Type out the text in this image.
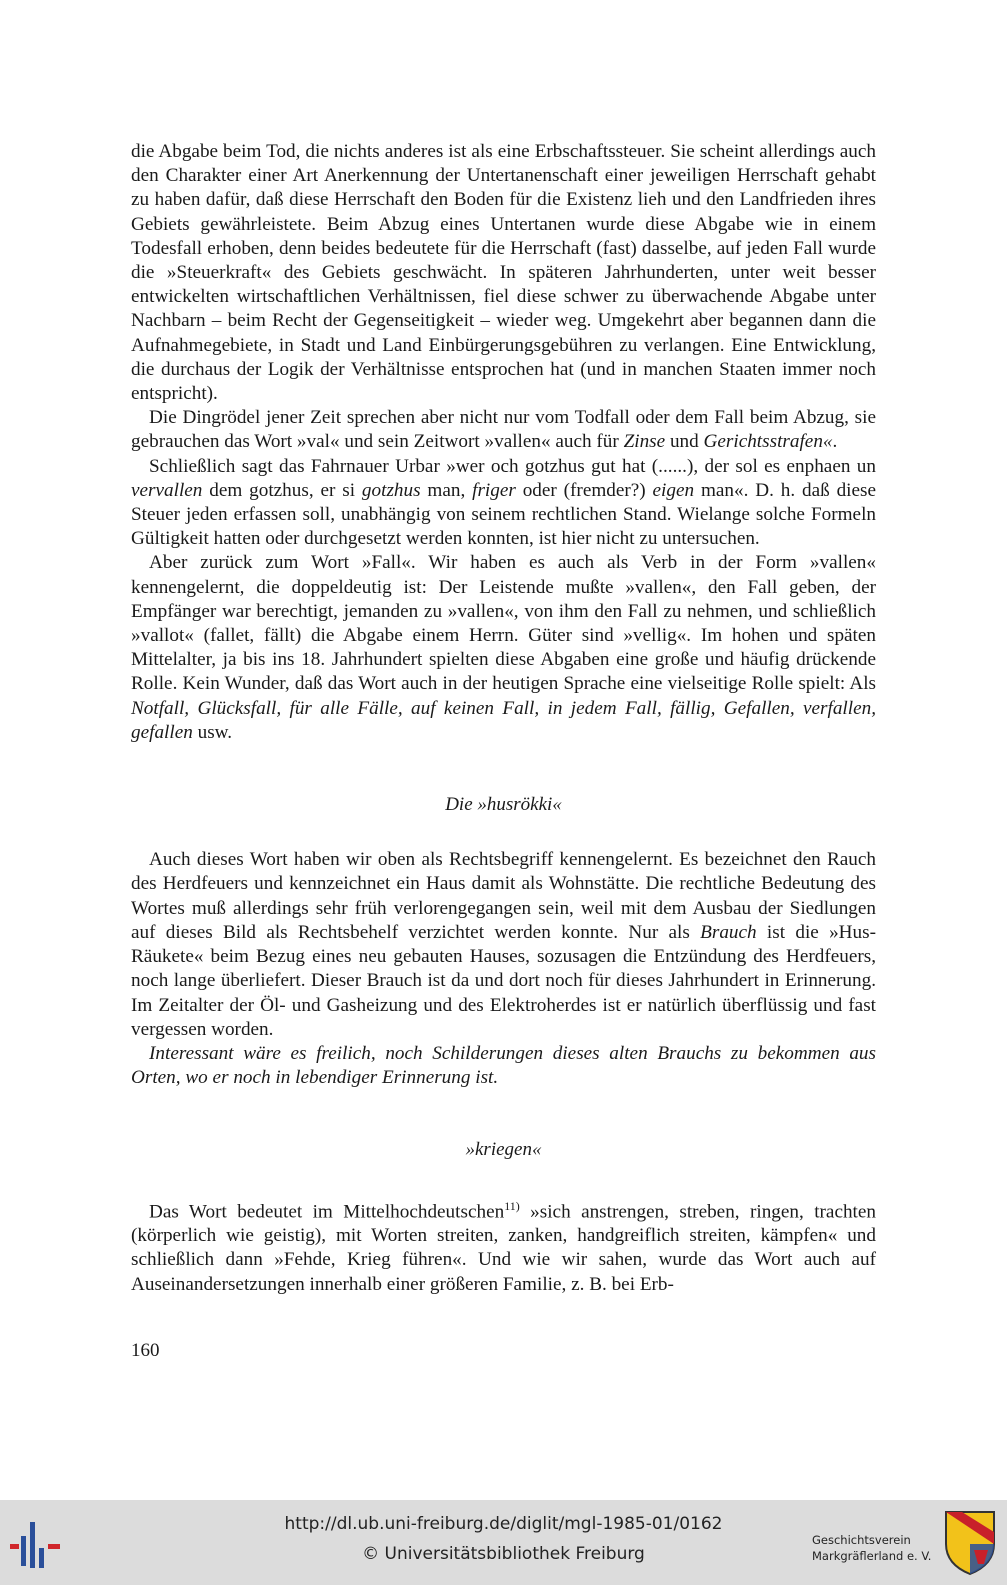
die Abgabe beim Tod, die nichts anderes ist als eine Erbschaftssteuer. Sie scheint allerdings auch den Charakter einer Art Anerkennung der Untertanenschaft einer jeweiligen Herrschaft gehabt zu haben dafür, daß diese Herrschaft den Boden für die Existenz lieh und den Landfrieden ihres Gebiets gewährleistete. Beim Abzug eines Untertanen wurde diese Abgabe wie in einem Todesfall erhoben, denn beides bedeutete für die Herrschaft (fast) dasselbe, auf jeden Fall wurde die »Steuerkraft« des Gebiets geschwächt. In späteren Jahrhunderten, unter weit besser entwickelten wirtschaftlichen Verhältnissen, fiel diese schwer zu überwachende Abgabe unter Nachbarn – beim Recht der Gegenseitigkeit – wieder weg. Umgekehrt aber begannen dann die Aufnahmegebiete, in Stadt und Land Einbürgerungsgebühren zu verlangen. Eine Entwicklung, die durchaus der Logik der Verhältnisse entsprochen hat (und in manchen Staaten immer noch entspricht).

Die Dingrödel jener Zeit sprechen aber nicht nur vom Todfall oder dem Fall beim Abzug, sie gebrauchen das Wort »val« und sein Zeitwort »vallen« auch für Zinse und Gerichtsstrafen«.

Schließlich sagt das Fahrnauer Urbar »wer och gotzhus gut hat (......), der sol es enphaen un vervallen dem gotzhus, er si gotzhus man, friger oder (fremder?) eigen man«. D. h. daß diese Steuer jeden erfassen soll, unabhängig von seinem rechtlichen Stand. Wielange solche Formeln Gültigkeit hatten oder durchgesetzt werden konnten, ist hier nicht zu untersuchen.

Aber zurück zum Wort »Fall«. Wir haben es auch als Verb in der Form »vallen« kennengelernt, die doppeldeutig ist: Der Leistende mußte »vallen«, den Fall geben, der Empfänger war berechtigt, jemanden zu »vallen«, von ihm den Fall zu nehmen, und schließlich »vallot« (fallet, fällt) die Abgabe einem Herrn. Güter sind »vellig«. Im hohen und späten Mittelalter, ja bis ins 18. Jahrhundert spielten diese Abgaben eine große und häufig drückende Rolle. Kein Wunder, daß das Wort auch in der heutigen Sprache eine vielseitige Rolle spielt: Als Notfall, Glücksfall, für alle Fälle, auf keinen Fall, in jedem Fall, fällig, Gefallen, verfallen, gefallen usw.

Die »husrökki«

Auch dieses Wort haben wir oben als Rechtsbegriff kennengelernt. Es bezeichnet den Rauch des Herdfeuers und kennzeichnet ein Haus damit als Wohnstätte. Die rechtliche Bedeutung des Wortes muß allerdings sehr früh verlorengegangen sein, weil mit dem Ausbau der Siedlungen auf dieses Bild als Rechtsbehelf verzichtet werden konnte. Nur als Brauch ist die »Hus-Räukete« beim Bezug eines neu gebauten Hauses, sozusagen die Entzündung des Herdfeuers, noch lange überliefert. Dieser Brauch ist da und dort noch für dieses Jahrhundert in Erinnerung. Im Zeitalter der Öl- und Gasheizung und des Elektroherdes ist er natürlich überflüssig und fast vergessen worden.

Interessant wäre es freilich, noch Schilderungen dieses alten Brauchs zu bekommen aus Orten, wo er noch in lebendiger Erinnerung ist.

»kriegen«

Das Wort bedeutet im Mittelhochdeutschen$^{11)}$ »sich anstrengen, streben, ringen, trachten (körperlich wie geistig), mit Worten streiten, zanken, handgreiflich streiten, kämpfen« und schließlich dann »Fehde, Krieg führen«. Und wie wir sahen, wurde das Wort auch auf Auseinandersetzungen innerhalb einer größeren Familie, z. B. bei Erb-

160
http://dl.ub.uni-freiburg.de/diglit/mgl-1985-01/0162
© Universitätsbibliothek Freiburg
Geschichtsverein
Markgräflerland e. V.
